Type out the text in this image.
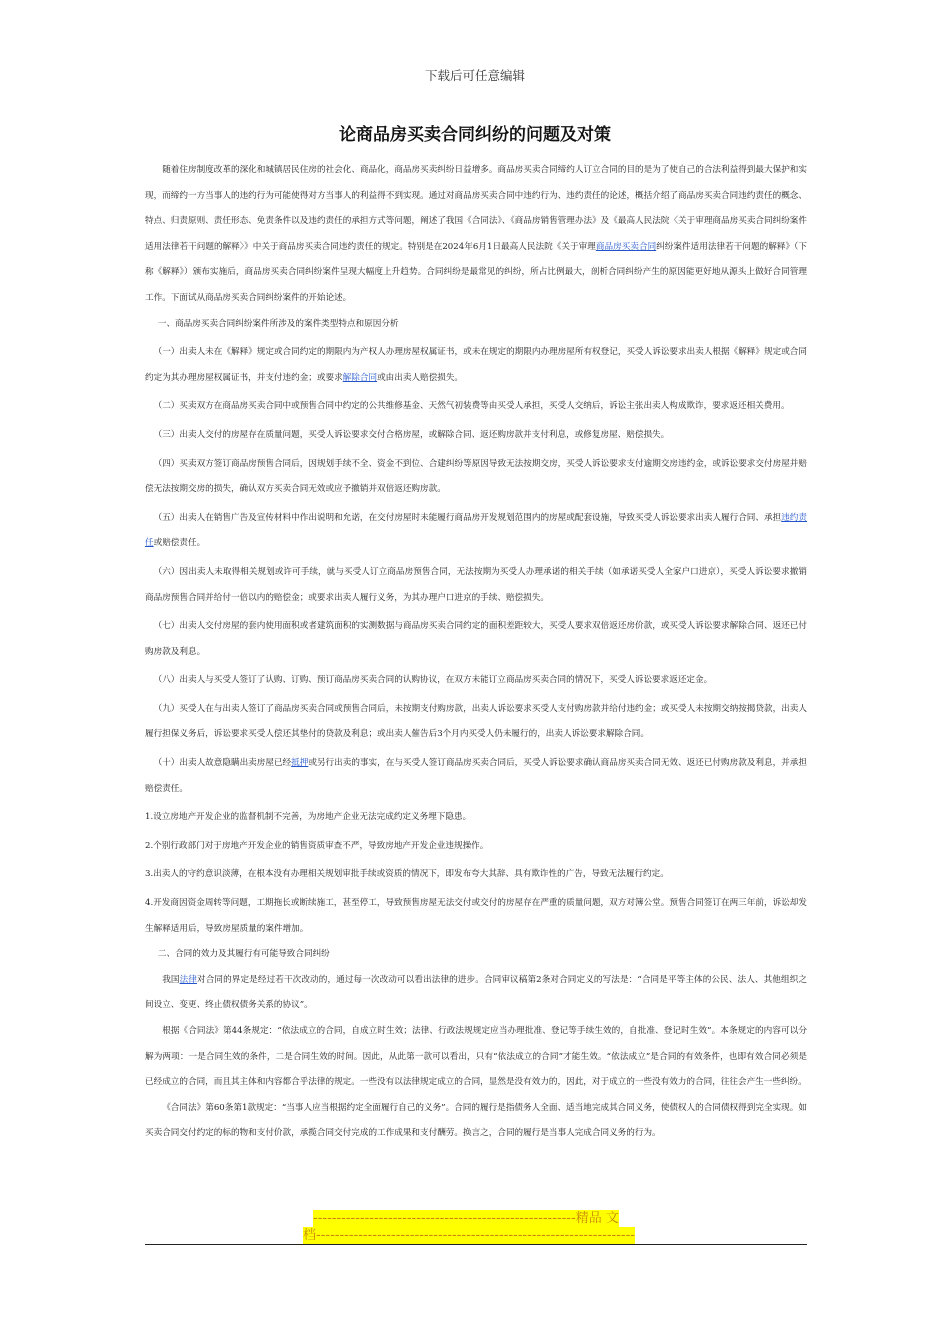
下载后可任意编辑
论商品房买卖合同纠纷的问题及对策

随着住房制度改革的深化和城镇居民住房的社会化、商品化，商品房买卖纠纷日益增多。商品房买卖合同缔约人订立合同的目的是为了使自己的合法利益得到最大保护和实现，而缔约一方当事人的违约行为可能使得对方当事人的利益得不到实现。通过对商品房买卖合同中违约行为、违约责任的论述，概括介绍了商品房买卖合同违约责任的概念、特点、归责原则、责任形态、免责条件以及违约责任的承担方式等问题，阐述了我国《合同法》、《商品房销售管理办法》及《最高人民法院〈关于审理商品房买卖合同纠纷案件适用法律若干问题的解释〉》中关于商品房买卖合同违约责任的规定。特别是在2024年6月1日最高人民法院《关于审理商品房买卖合同纠纷案件适用法律若干问题的解释》（下称《解释》）颁布实施后，商品房买卖合同纠纷案件呈现大幅度上升趋势。合同纠纷是最常见的纠纷，所占比例最大，剖析合同纠纷产生的原因能更好地从源头上做好合同管理工作。下面试从商品房买卖合同纠纷案件的开始论述。

一、商品房买卖合同纠纷案件所涉及的案件类型特点和原因分析

（一）出卖人未在《解释》规定或合同约定的期限内为产权人办理房屋权属证书，或未在规定的期限内办理房屋所有权登记，买受人诉讼要求出卖人根据《解释》规定或合同约定为其办理房屋权属证书，并支付违约金；或要求解除合同或由出卖人赔偿损失。

（二）买卖双方在商品房买卖合同中或预售合同中约定的公共维修基金、天然气初装费等由买受人承担，买受人交纳后，诉讼主张出卖人构成欺诈，要求返还相关费用。

（三）出卖人交付的房屋存在质量问题，买受人诉讼要求交付合格房屋，或解除合同、返还购房款并支付利息，或修复房屋、赔偿损失。

（四）买卖双方签订商品房预售合同后，因规划手续不全、资金不到位、合建纠纷等原因导致无法按期交房，买受人诉讼要求支付逾期交房违约金，或诉讼要求交付房屋并赔偿无法按期交房的损失，确认双方买卖合同无效或应予撤销并双倍返还购房款。

（五）出卖人在销售广告及宣传材料中作出说明和允诺，在交付房屋时未能履行商品房开发规划范围内的房屋或配套设施，导致买受人诉讼要求出卖人履行合同、承担违约责任或赔偿责任。

（六）因出卖人未取得相关规划或许可手续，就与买受人订立商品房预售合同，无法按期为买受人办理承诺的相关手续（如承诺买受人全家户口进京），买受人诉讼要求撤销商品房预售合同并给付一倍以内的赔偿金；或要求出卖人履行义务，为其办理户口进京的手续、赔偿损失。

（七）出卖人交付房屋的套内使用面积或者建筑面积的实测数据与商品房买卖合同约定的面积差距较大，买受人要求双倍返还房价款，或买受人诉讼要求解除合同、返还已付购房款及利息。

（八）出卖人与买受人签订了认购、订购、预订商品房买卖合同的认购协议，在双方未能订立商品房买卖合同的情况下，买受人诉讼要求返还定金。

（九）买受人在与出卖人签订了商品房买卖合同或预售合同后，未按期支付购房款，出卖人诉讼要求买受人支付购房款并给付违约金；或买受人未按期交纳按揭贷款，出卖人履行担保义务后，诉讼要求买受人偿还其垫付的贷款及利息；或出卖人催告后3个月内买受人仍未履行的，出卖人诉讼要求解除合同。

（十）出卖人故意隐瞒出卖房屋已经抵押或另行出卖的事实，在与买受人签订商品房买卖合同后，买受人诉讼要求确认商品房买卖合同无效、返还已付购房款及利息，并承担赔偿责任。

1.设立房地产开发企业的监督机制不完善，为房地产企业无法完成约定义务埋下隐患。

2.个别行政部门对于房地产开发企业的销售资质审查不严，导致房地产开发企业违规操作。

3.出卖人的守约意识淡薄，在根本没有办理相关规划审批手续或资质的情况下，即发布夸大其辞、具有欺诈性的广告，导致无法履行约定。

4.开发商因资金周转等问题，工期拖长或断续施工，甚至停工，导致预售房屋无法交付或交付的房屋存在严重的质量问题，双方对簿公堂。预售合同签订在两三年前，诉讼却发生解释适用后，导致房屋质量的案件增加。

二、合同的效力及其履行有可能导致合同纠纷

我国法律对合同的界定是经过若干次改动的，通过每一次改动可以看出法律的进步。合同审议稿第2条对合同定义的写法是：“合同是平等主体的公民、法人、其他组织之间设立、变更、终止债权债务关系的协议”。

根据《合同法》第44条规定：“依法成立的合同，自成立时生效；法律、行政法规规定应当办理批准、登记等手续生效的，自批准、登记时生效”。本条规定的内容可以分解为两项：一是合同生效的条件，二是合同生效的时间。因此，从此第一款可以看出，只有“依法成立的合同”才能生效。“依法成立”是合同的有效条件，也即有效合同必须是已经成立的合同，而且其主体和内容都合乎法律的规定。一些没有以法律规定成立的合同，显然是没有效力的，因此，对于成立的一些没有效力的合同，往往会产生一些纠纷。

《合同法》第60条第1款规定：“当事人应当根据约定全面履行自己的义务”。合同的履行是指债务人全面、适当地完成其合同义务，使债权人的合同债权得到完全实现。如买卖合同交付约定的标的物和支付价款，承揽合同交付完成的工作成果和支付酬劳。换言之，合同的履行是当事人完成合同义务的行为。

--------------------------------------------------------精品 文
档--------------------------------------------------------------------
